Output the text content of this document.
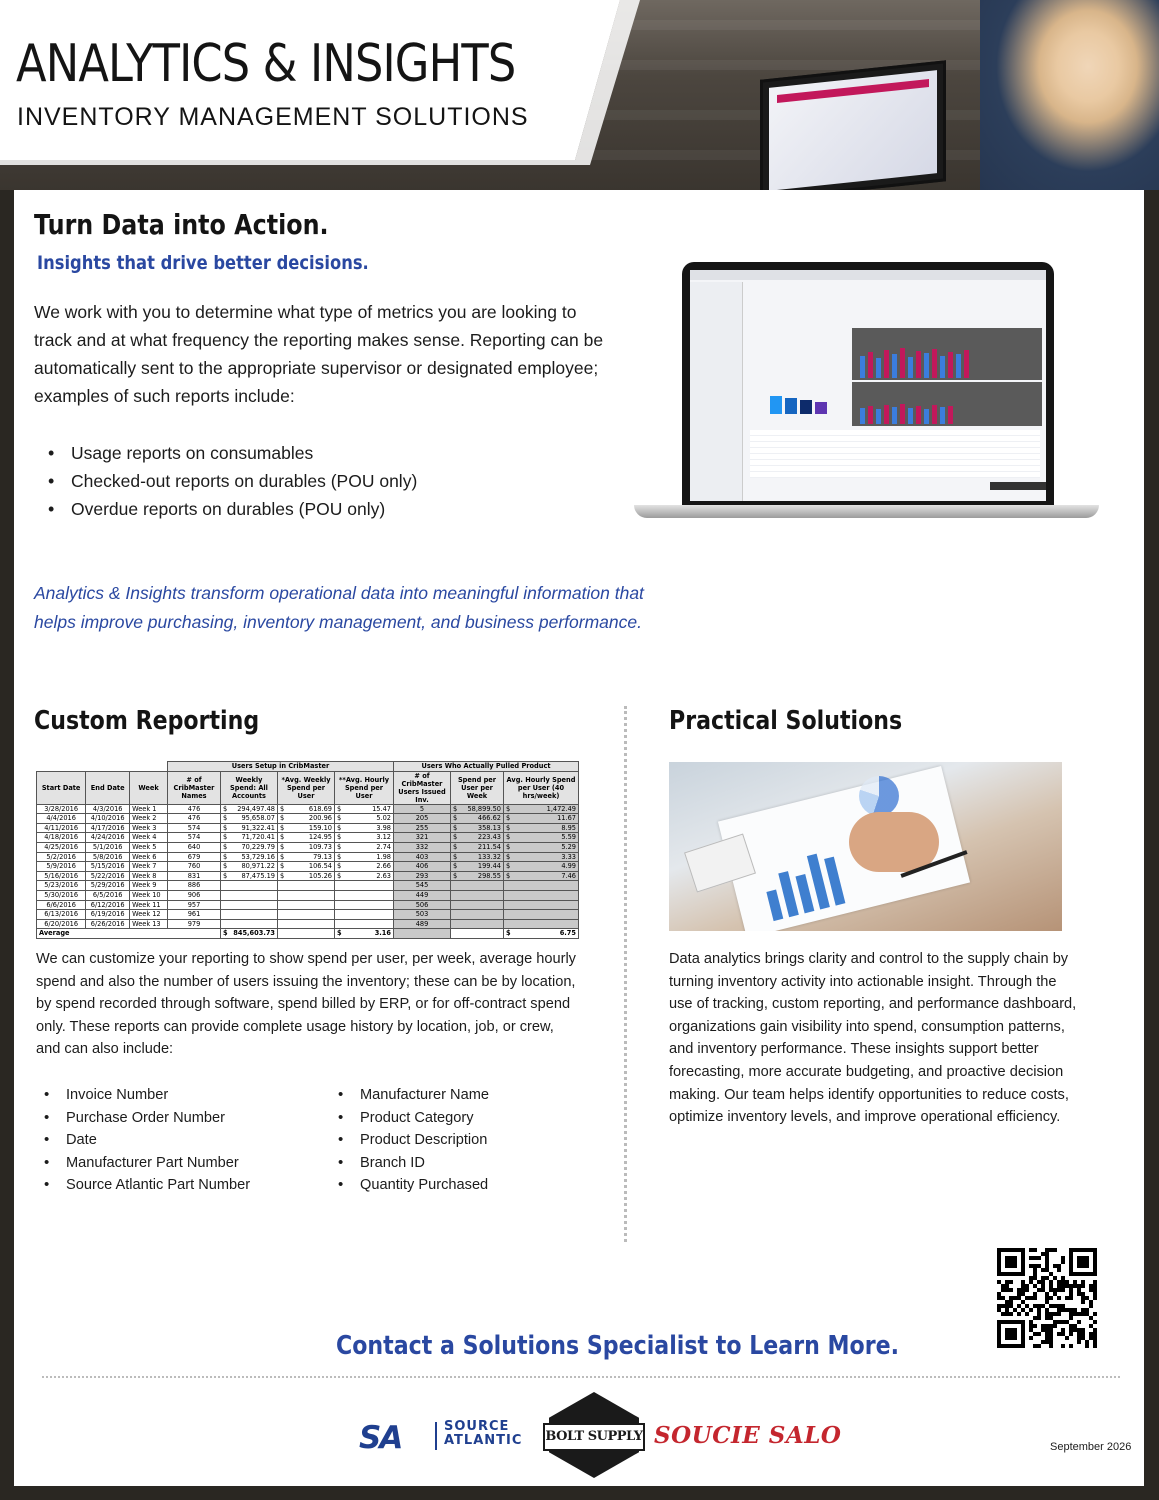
ANALYTICS & INSIGHTS
INVENTORY MANAGEMENT SOLUTIONS
Turn Data into Action.
Insights that drive better decisions.

We work with you to determine what type of metrics you are looking to track and at what frequency the reporting makes sense. Reporting can be automatically sent to the appropriate supervisor or designated employee; examples of such reports include:

• Usage reports on consumables
• Checked-out reports on durables (POU only)
• Overdue reports on durables (POU only)

Analytics & Insights transform operational data into meaningful information that helps improve purchasing, inventory management, and business performance.

Custom Reporting
			Users Setup in CribMaster				Users Who Actually Pulled Product		
Start Date	End Date	Week	# of CribMaster Names	Weekly Spend: All Accounts	*Avg. Weekly Spend per User	**Avg. Hourly Spend per User	# of CribMaster Users Issued Inv.	Spend per User per Week	Avg. Hourly Spend per User (40 hrs/week)
3/28/2016	4/3/2016	Week 1	476	$ 294,497.48	$ 618.69	$ 15.47	5	$ 58,899.50	$ 1,472.49
4/4/2016	4/10/2016	Week 2	476	$ 95,658.07	$ 200.96	$ 5.02	205	$ 466.62	$ 11.67
4/11/2016	4/17/2016	Week 3	574	$ 91,322.41	$ 159.10	$ 3.98	255	$ 358.13	$ 8.95
4/18/2016	4/24/2016	Week 4	574	$ 71,720.41	$ 124.95	$ 3.12	321	$ 223.43	$ 5.59
4/25/2016	5/1/2016	Week 5	640	$ 70,229.79	$ 109.73	$ 2.74	332	$ 211.54	$ 5.29
5/2/2016	5/8/2016	Week 6	679	$ 53,729.16	$ 79.13	$ 1.98	403	$ 133.32	$ 3.33
5/9/2016	5/15/2016	Week 7	760	$ 80,971.22	$ 106.54	$ 2.66	406	$ 199.44	$ 4.99
5/16/2016	5/22/2016	Week 8	831	$ 87,475.19	$ 105.26	$ 2.63	293	$ 298.55	$ 7.46
5/23/2016	5/29/2016	Week 9	886				545		
5/30/2016	6/5/2016	Week 10	906				449		
6/6/2016	6/12/2016	Week 11	957				506		
6/13/2016	6/19/2016	Week 12	961				503		
6/20/2016	6/26/2016	Week 13	979				489		
Average				$ 845,603.73		$ 3.16			$ 6.75

We can customize your reporting to show spend per user, per week, average hourly spend and also the number of users issuing the inventory; these can be by location, by spend recorded through software, spend billed by ERP, or for off-contract spend only. These reports can provide complete usage history by location, job, or crew, and can also include:

• Invoice Number
• Purchase Order Number
• Date
• Manufacturer Part Number
• Source Atlantic Part Number
• Manufacturer Name
• Product Category
• Product Description
• Branch ID
• Quantity Purchased
Practical Solutions

Data analytics brings clarity and control to the supply chain by turning inventory activity into actionable insight. Through the use of tracking, custom reporting, and performance dashboard, organizations gain visibility into spend, consumption patterns, and inventory performance. These insights support better forecasting, more accurate budgeting, and proactive decision making. Our team helps identify opportunities to reduce costs, optimize inventory levels, and improve operational efficiency.

Contact a Solutions Specialist to Learn More.
SA	SOURCE
ATLANTIC BOLT SUPPLY SOUCIE SALO	September 2026
